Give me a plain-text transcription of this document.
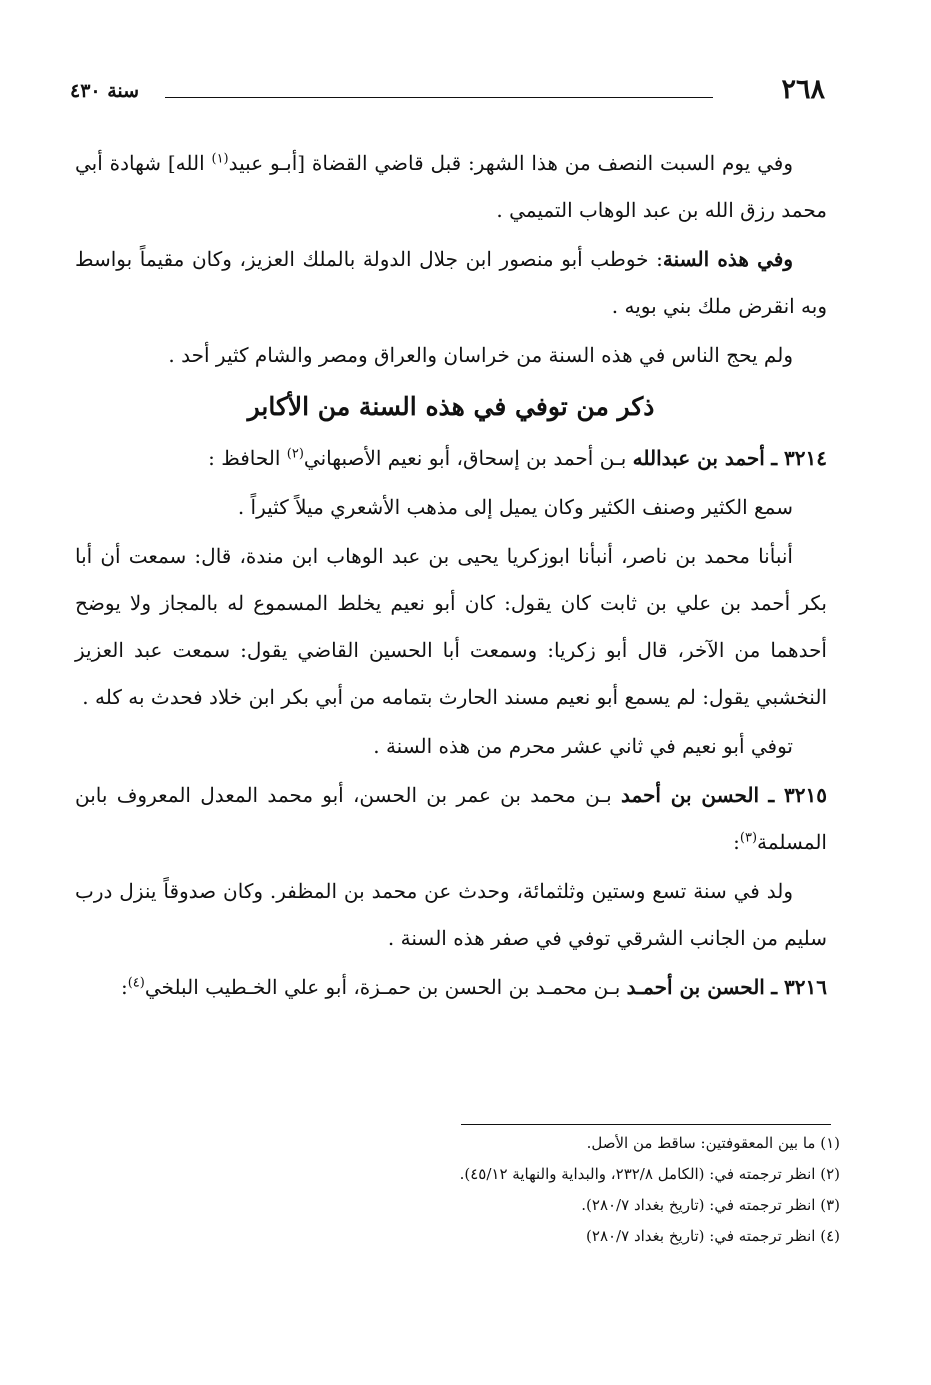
٢٦٨
سنة ٤٣٠

وفي يوم السبت النصف من هذا الشهر: قبل قاضي القضاة [أبـو عبيد$^{(١)}$ الله] شهادة أبي محمد رزق الله بن عبد الوهاب التميمي .

وفي هذه السنة: خوطب أبو منصور ابن جلال الدولة بالملك العزيز، وكان مقيماً بواسط وبه انقرض ملك بني بويه .

ولم يحج الناس في هذه السنة من خراسان والعراق ومصر والشام كثير أحد .

ذكر من توفي في هذه السنة من الأكابر

٣٢١٤ ـ أحمد بن عبدالله بـن أحمد بن إسحاق، أبو نعيم الأصبهاني$^{(٢)}$ الحافظ :

سمع الكثير وصنف الكثير وكان يميل إلى مذهب الأشعري ميلاً كثيراً .

أنبأنا محمد بن ناصر، أنبأنا ابوزكريا يحيى بن عبد الوهاب ابن مندة، قال: سمعت أن أبا بكر أحمد بن علي بن ثابت كان يقول: كان أبو نعيم يخلط المسموع له بالمجاز ولا يوضح أحدهما من الآخر، قال أبو زكريا: وسمعت أبا الحسين القاضي يقول: سمعت عبد العزيز النخشبي يقول: لم يسمع أبو نعيم مسند الحارث بتمامه من أبي بكر ابن خلاد فحدث به كله .

توفي أبو نعيم في ثاني عشر محرم من هذه السنة .

٣٢١٥ ـ الحسن بن أحمد بـن محمد بن عمر بن الحسن، أبو محمد المعدل المعروف بابن المسلمة$^{(٣)}$:

ولد في سنة تسع وستين وثلثمائة، وحدث عن محمد بن المظفر. وكان صدوقاً ينزل درب سليم من الجانب الشرقي توفي في صفر هذه السنة .

٣٢١٦ ـ الحسن بن أحمـد بـن محمـد بن الحسن بن حمـزة، أبو علي الخـطيب البلخي$^{(٤)}$:

(١) ما بين المعقوفتين: ساقط من الأصل.

(٢) انظر ترجمته في: (الكامل ٢٣٢/٨، والبداية والنهاية ٤٥/١٢).

(٣) انظر ترجمته في: (تاريخ بغداد ٢٨٠/٧).

(٤) انظر ترجمته في: (تاريخ بغداد ٢٨٠/٧)
